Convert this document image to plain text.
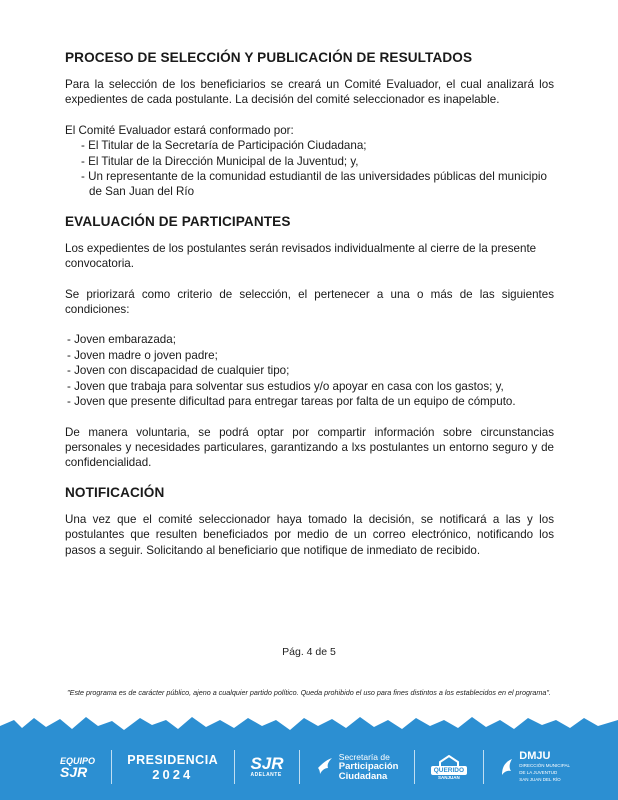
PROCESO DE SELECCIÓN Y PUBLICACIÓN DE RESULTADOS

Para la selección de los beneficiarios se creará un Comité Evaluador, el cual analizará los expedientes de cada postulante. La decisión del comité seleccionador es inapelable.

El Comité Evaluador estará conformado por:

- El Titular de la Secretaría de Participación Ciudadana;
- El Titular de la Dirección Municipal de la Juventud; y,
- Un representante de la comunidad estudiantil de las universidades públicas del municipio de San Juan del Río
EVALUACIÓN DE PARTICIPANTES

Los expedientes de los postulantes serán revisados individualmente al cierre de la presente convocatoria.

Se priorizará como criterio de selección, el pertenecer a una o más de las siguientes condiciones:

- Joven embarazada;
- Joven madre o joven padre;
- Joven con discapacidad de cualquier tipo;
- Joven que trabaja para solventar sus estudios y/o apoyar en casa con los gastos; y,
- Joven que presente dificultad para entregar tareas por falta de un equipo de cómputo.

De manera voluntaria, se podrá optar por compartir información sobre circunstancias personales y necesidades particulares, garantizando a lxs postulantes un entorno seguro y de confidencialidad.

NOTIFICACIÓN

Una vez que el comité seleccionador haya tomado la decisión, se notificará a las y los postulantes que resulten beneficiados por medio de un correo electrónico, notificando los pasos a seguir. Solicitando al beneficiario que notifique de inmediato de recibido.

Pág. 4 de 5
"Este programa es de carácter público, ajeno a cualquier partido político. Queda prohibido el uso para fines distintos a los establecidos en el programa".
EQUIPO
SJR
PRESIDENCIA
2024
SJR
ADELANTE
Secretaría de
Participación
Ciudadana
QUERIDO
SANJUAN
DMJU
DIRECCIÓN MUNICIPAL
DE LA JUVENTUD
SAN JUAN DEL RÍO
